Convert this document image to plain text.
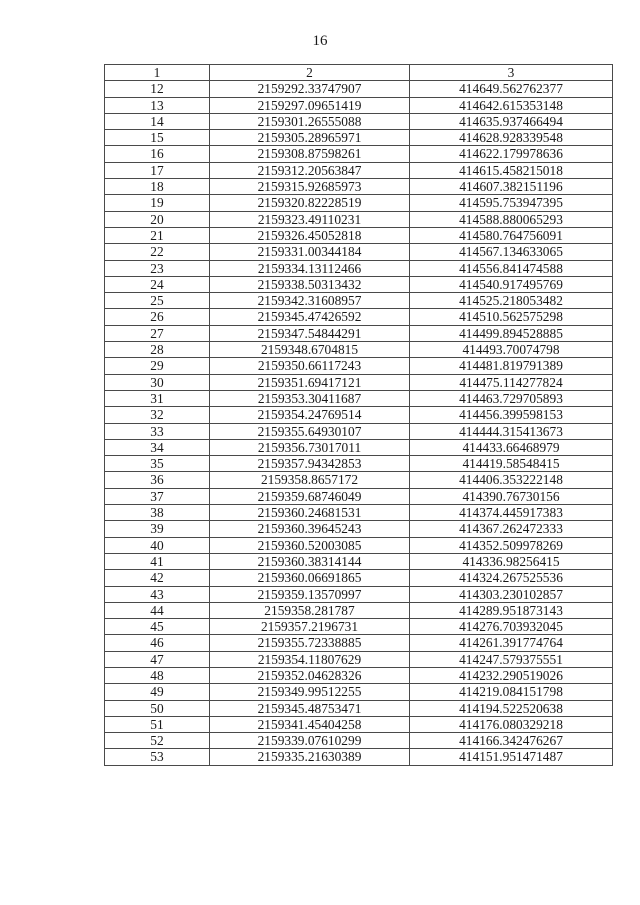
16
1	2	3
12	2159292.33747907	414649.562762377
13	2159297.09651419	414642.615353148
14	2159301.26555088	414635.937466494
15	2159305.28965971	414628.928339548
16	2159308.87598261	414622.179978636
17	2159312.20563847	414615.458215018
18	2159315.92685973	414607.382151196
19	2159320.82228519	414595.753947395
20	2159323.49110231	414588.880065293
21	2159326.45052818	414580.764756091
22	2159331.00344184	414567.134633065
23	2159334.13112466	414556.841474588
24	2159338.50313432	414540.917495769
25	2159342.31608957	414525.218053482
26	2159345.47426592	414510.562575298
27	2159347.54844291	414499.894528885
28	2159348.6704815	414493.70074798
29	2159350.66117243	414481.819791389
30	2159351.69417121	414475.114277824
31	2159353.30411687	414463.729705893
32	2159354.24769514	414456.399598153
33	2159355.64930107	414444.315413673
34	2159356.73017011	414433.66468979
35	2159357.94342853	414419.58548415
36	2159358.8657172	414406.353222148
37	2159359.68746049	414390.76730156
38	2159360.24681531	414374.445917383
39	2159360.39645243	414367.262472333
40	2159360.52003085	414352.509978269
41	2159360.38314144	414336.98256415
42	2159360.06691865	414324.267525536
43	2159359.13570997	414303.230102857
44	2159358.281787	414289.951873143
45	2159357.2196731	414276.703932045
46	2159355.72338885	414261.391774764
47	2159354.11807629	414247.579375551
48	2159352.04628326	414232.290519026
49	2159349.99512255	414219.084151798
50	2159345.48753471	414194.522520638
51	2159341.45404258	414176.080329218
52	2159339.07610299	414166.342476267
53	2159335.21630389	414151.951471487
